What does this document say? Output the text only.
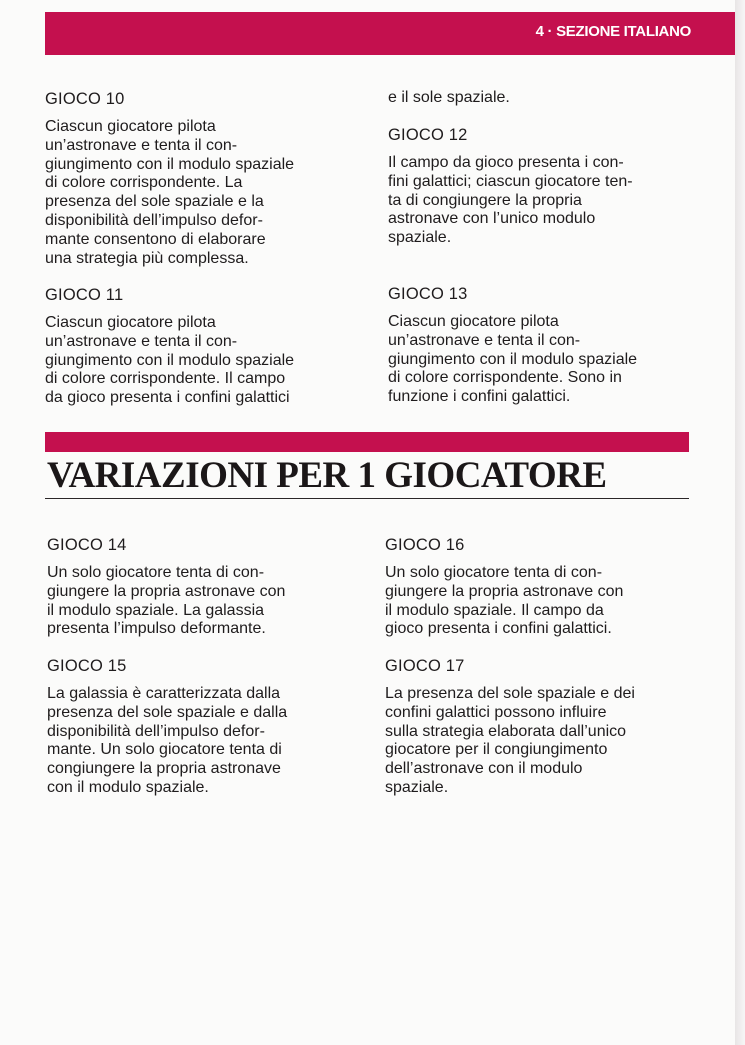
4 · SEZIONE ITALIANO
GIOCO 10

Ciascun giocatore pilota
un’astronave e tenta il con-
giungimento con il modulo spaziale
di colore corrispondente. La
presenza del sole spaziale e la
disponibilità dell’impulso defor-
mante consentono di elaborare
una strategia più complessa.

GIOCO 11

Ciascun giocatore pilota
un’astronave e tenta il con-
giungimento con il modulo spaziale
di colore corrispondente. Il campo
da gioco presenta i confini galattici

e il sole spaziale.

GIOCO 12

Il campo da gioco presenta i con-
fini galattici; ciascun giocatore ten-
ta di congiungere la propria
astronave con l’unico modulo
spaziale.

GIOCO 13

Ciascun giocatore pilota
un’astronave e tenta il con-
giungimento con il modulo spaziale
di colore corrispondente. Sono in
funzione i confini galattici.

VARIAZIONI PER 1 GIOCATORE
GIOCO 14

Un solo giocatore tenta di con-
giungere la propria astronave con
il modulo spaziale. La galassia
presenta l’impulso deformante.

GIOCO 15

La galassia è caratterizzata dalla
presenza del sole spaziale e dalla
disponibilità dell’impulso defor-
mante. Un solo giocatore tenta di
congiungere la propria astronave
con il modulo spaziale.

GIOCO 16

Un solo giocatore tenta di con-
giungere la propria astronave con
il modulo spaziale. Il campo da
gioco presenta i confini galattici.

GIOCO 17

La presenza del sole spaziale e dei
confini galattici possono influire
sulla strategia elaborata dall’unico
giocatore per il congiungimento
dell’astronave con il modulo
spaziale.
